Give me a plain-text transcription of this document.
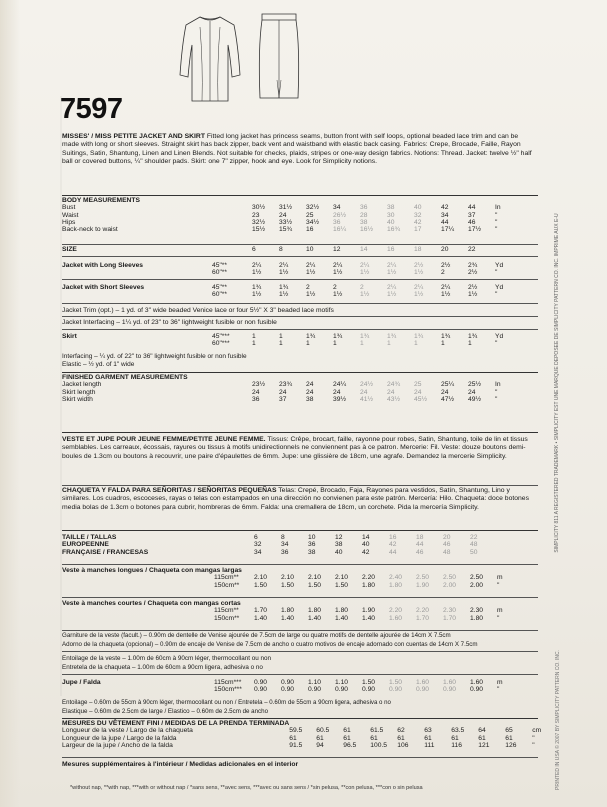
7597
SIMPLICITY 811 A REGISTERED TRADEMARK • SIMPLICITY EST UNE MARQUE DEPOSEE DE SIMPLICITY PATTERN CO. INC. IMPRIME AUX E-U
MISSES' / MISS PETITE JACKET AND SKIRT Fitted long jacket has princess seams, button front with self loops, optional beaded lace trim and can be made with long or short sleeves. Straight skirt has back zipper, back vent and waistband with elastic back casing. Fabrics: Crepe, Brocade, Faille, Rayon Suitings, Satin, Shantung, Linen and Linen Blends. Not suitable for checks, plaids, stripes or one-way design fabrics. Notions: Thread. Jacket: twelve ½" half ball or covered buttons, ¼" shoulder pads. Skirt: one 7" zipper, hook and eye. Look for Simplicity notions.
BODY MEASUREMENTS											
Bust		30½	31½	32½	34	36	38	40	42	44	In
Waist		23	24	25	26½	28	30	32	34	37	"
Hips		32½	33½	34½	36	38	40	42	44	46	"
Back-neck to waist		15½	15¾	16	16¼	16½	16¾	17	17¼	17½	"
SIZE		6	8	10	12	14	16	18	20	22	
Jacket with Long Sleeves	45"**	2¼	2¼	2¼	2¼	2¼	2¼	2½	2½	2¾	Yd
	60"**	1½	1½	1½	1½	1½	1½	1½	2	2½	"
Jacket with Short Sleeves	45"**	1¾	1¾	2	2	2	2¼	2¼	2¼	2½	Yd
	60"**	1½	1½	1½	1½	1½	1½	1½	1½	1½	"
Jacket Trim (opt.) – 1 yd. of 3" wide beaded Venice lace or four 5½" X 3" beaded lace motifs
Jacket Interfacing – 1¼ yd. of 23" to 36" lightweight fusible or non fusible
Skirt	45"***	1	1	1¾	1¾	1¾	1¾	1¾	1¾	1¾	Yd
	60"***	1	1	1	1	1	1	1	1	1	"
Interfacing – ¼ yd. of 22" to 36" lightweight fusible or non fusible
Elastic – ½ yd. of 1" wide
FINISHED GARMENT MEASUREMENTS											
Jacket length		23½	23¾	24	24¼	24½	24¾	25	25¼	25½	In
Skirt length		24	24	24	24	24	24	24	24	24	"
Skirt width		36	37	38	39½	41½	43½	45½	47½	49½	"
VESTE ET JUPE POUR JEUNE FEMME/PETITE JEUNE FEMME. Tissus: Crêpe, brocart, faille, rayonne pour robes, Satin, Shantung, toile de lin et tissus semblables. Les carreaux, écossais, rayures ou tissus à motifs unidirectionnels ne conviennent pas à ce patron. Mercerie: Fil. Veste: douze boutons demi-boules de 1.3cm ou boutons à recouvrir, une paire d'épaulettes de 6mm. Jupe: une glissière de 18cm, une agrafe. Demandez la mercerie Simplicity.
CHAQUETA Y FALDA PARA SEÑORITAS / SEÑORITAS PEQUEÑAS Telas: Crepé, Brocado, Faja, Rayones para vestidos, Satín, Shantung, Lino y similares. Los cuadros, escoceses, rayas o telas con estampados en una dirección no convienen para este patrón. Mercería: Hilo. Chaqueta: doce botones media bolas de 1.3cm o botones para cubrir, hombreras de 6mm. Falda: una cremallera de 18cm, un corchete. Pida la mercería Simplicity.
TAILLE / TALLAS		6	8	10	12	14	16	18	20	22	
EUROPEENNE		32	34	36	38	40	42	44	46	48	
FRANÇAISE / FRANCESAS		34	36	38	40	42	44	46	48	50	
Veste à manches longues / Chaqueta con mangas largas											
	115cm**	2.10	2.10	2.10	2.10	2.20	2.40	2.50	2.50	2.50	m
	150cm**	1.50	1.50	1.50	1.50	1.80	1.80	1.90	2.00	2.00	"
Veste à manches courtes / Chaqueta con mangas cortas											
	115cm**	1.70	1.80	1.80	1.80	1.90	2.20	2.20	2.30	2.30	m
	150cm**	1.40	1.40	1.40	1.40	1.40	1.60	1.70	1.70	1.80	"
Garniture de la veste (facult.) – 0.90m de dentelle de Venise ajourée de 7.5cm de large ou quatre motifs de dentelle ajourée de 14cm X 7.5cm
Adorno de la chaqueta (opcional) – 0.90m de encaje de Venise de 7.5cm de ancho o cuatro motivos de encaje adornado con cuentas de 14cm X 7.5cm
Entoilage de la veste – 1.00m de 60cm à 90cm léger, thermocollant ou non
Entretela de la chaqueta – 1.00m de 60cm a 90cm ligera, adhesiva o no
Jupe / Falda	115cm***	0.90	0.90	1.10	1.10	1.50	1.50	1.60	1.60	1.60	m
	150cm***	0.90	0.90	0.90	0.90	0.90	0.90	0.90	0.90	0.90	"
Entoilage – 0.60m de 55cm à 90cm léger, thermocollant ou non / Entretela – 0.60m de 55cm a 90cm ligera, adhesiva o no
Elastique – 0.60m de 2.5cm de large / Elastico – 0.60m de 2.5cm de ancho
MESURES DU VÊTEMENT FINI / MEDIDAS DE LA PRENDA TERMINADA										
Longueur de la veste / Largo de la chaqueta	59.5	60.5	61	61.5	62	63	63.5	64	65	cm
Longueur de la jupe / Largo de la falda	61	61	61	61	61	61	61	61	61	"
Largeur de la jupe / Ancho de la falda	91.5	94	96.5	100.5	106	111	116	121	126	"
Mesures supplémentaires à l'intérieur / Medidas adicionales en el interior
*without nap, **with nap, ***with or without nap / *sans sens, **avec sens, ***avec ou sans sens / *sin pelusa, **con pelusa, ***con o sin pelusa	PRINTED IN USA © 2007 BY SIMPLICITY PATTERN CO. INC.
